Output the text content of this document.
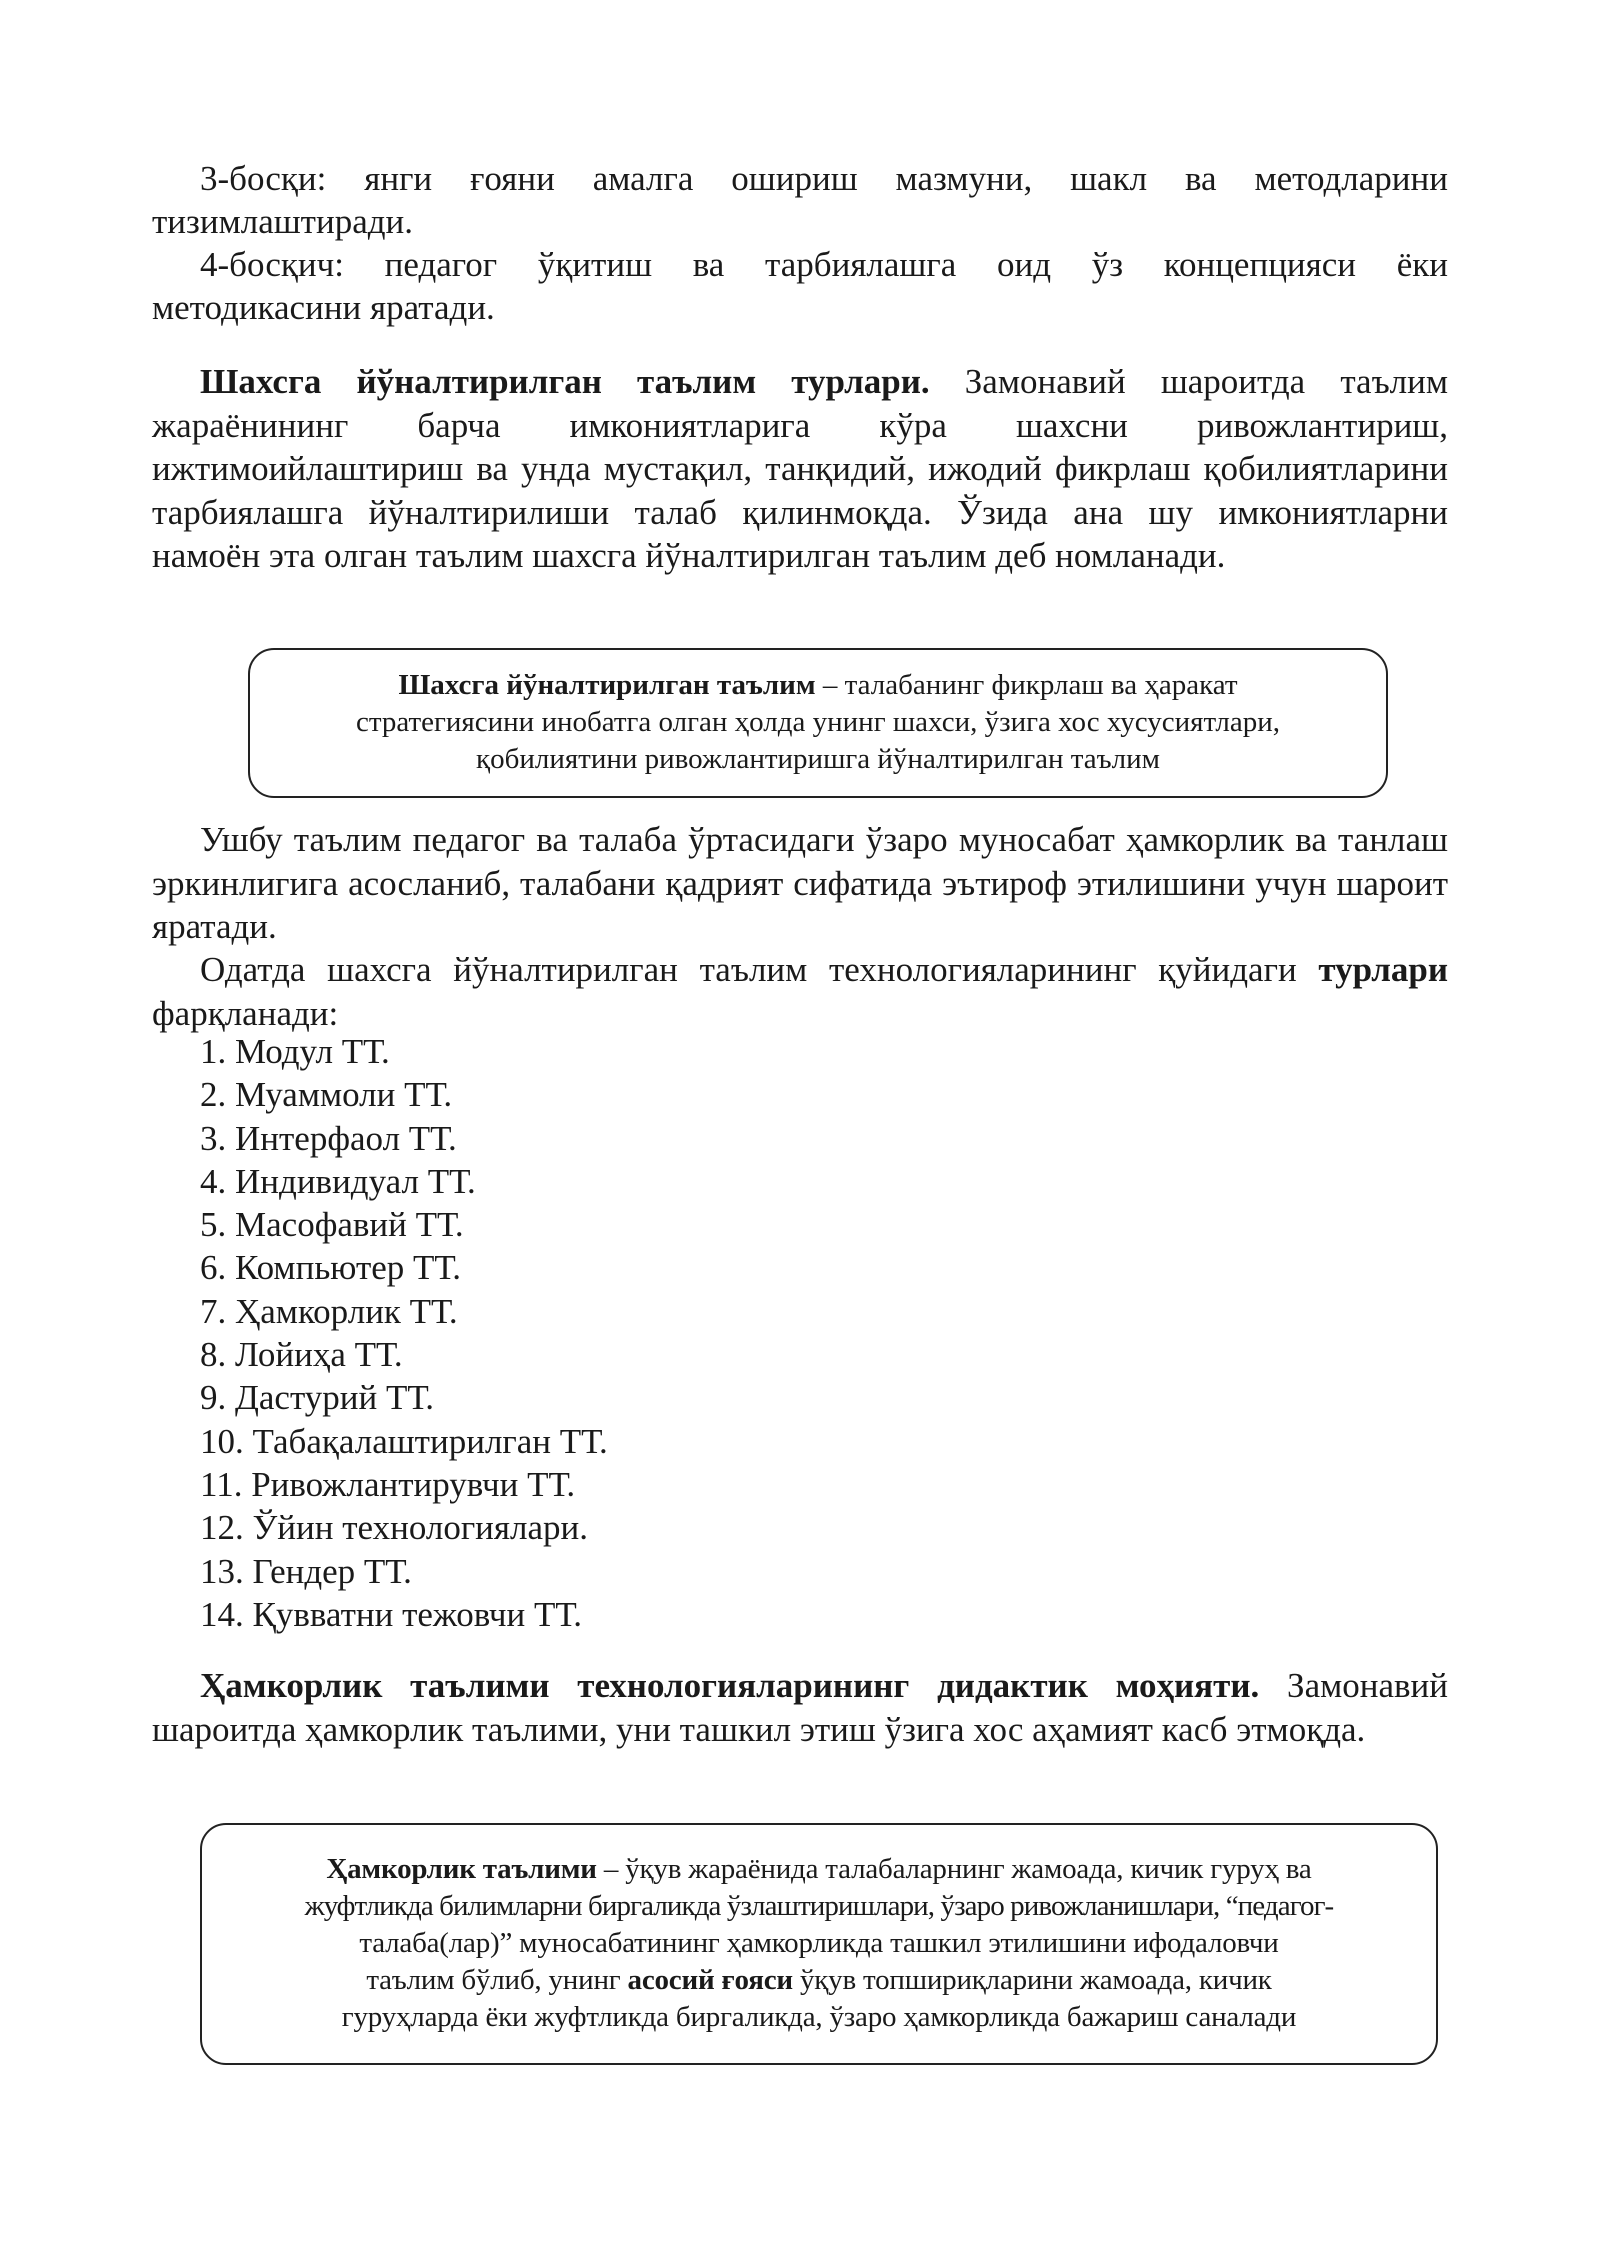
3-босқи: янги ғояни амалга ошириш мазмуни, шакл ва методларини

тизимлаштиради.

4-босқич: педагог ўқитиш ва тарбиялашга оид ўз концепцияси ёки

методикасини яратади.

Шахсга йўналтирилган таълим турлари. Замонавий шароитда таълим жараёнининг барча имкониятларига кўра шахсни ривожлантириш, ижтимоийлаштириш ва унда мустақил, танқидий, ижодий фикрлаш қобилиятларини тарбиялашга йўналтирилиши талаб қилинмоқда. Ўзида ана шу имкониятларни намоён эта олган таълим шахсга йўналтирилган таълим деб номланади.

Шахсга йўналтирилган таълим – талабанинг фикрлаш ва ҳаракат
стратегиясини инобатга олган ҳолда унинг шахси, ўзига хос хусусиятлари,
қобилиятини ривожлантиришга йўналтирилган таълим

Ушбу таълим педагог ва талаба ўртасидаги ўзаро муносабат ҳамкорлик ва танлаш эркинлигига асосланиб, талабани қадрият сифатида эътироф этилишини учун шароит яратади.

Одатда шахсга йўналтирилган таълим технологияларининг қуйидаги турлари фарқланади:

1. Модул ТТ.
2. Муаммоли ТТ.
3. Интерфаол ТТ.
4. Индивидуал ТТ.
5. Масофавий ТТ.
6. Компьютер ТТ.
7. Ҳамкорлик ТТ.
8. Лойиҳа ТТ.
9. Дастурий ТТ.
10. Табақалаштирилган ТТ.
11. Ривожлантирувчи ТТ.
12. Ўйин технологиялари.
13. Гендер ТТ.
14. Қувватни тежовчи ТТ.

Ҳамкорлик таълими технологияларининг дидактик моҳияти. Замонавий шароитда ҳамкорлик таълими, уни ташкил этиш ўзига хос аҳамият касб этмоқда.

Ҳамкорлик таълими – ўқув жараёнида талабаларнинг жамоада, кичик гуруҳ ва
жуфтликда билимларни биргаликда ўзлаштиришлари, ўзаро ривожланишлари, “педагог-
талаба(лар)” муносабатининг ҳамкорликда ташкил этилишини ифодаловчи
таълим бўлиб, унинг асосий ғояси ўқув топшириқларини жамоада, кичик
гуруҳларда ёки жуфтликда биргаликда, ўзаро ҳамкорликда бажариш саналади
